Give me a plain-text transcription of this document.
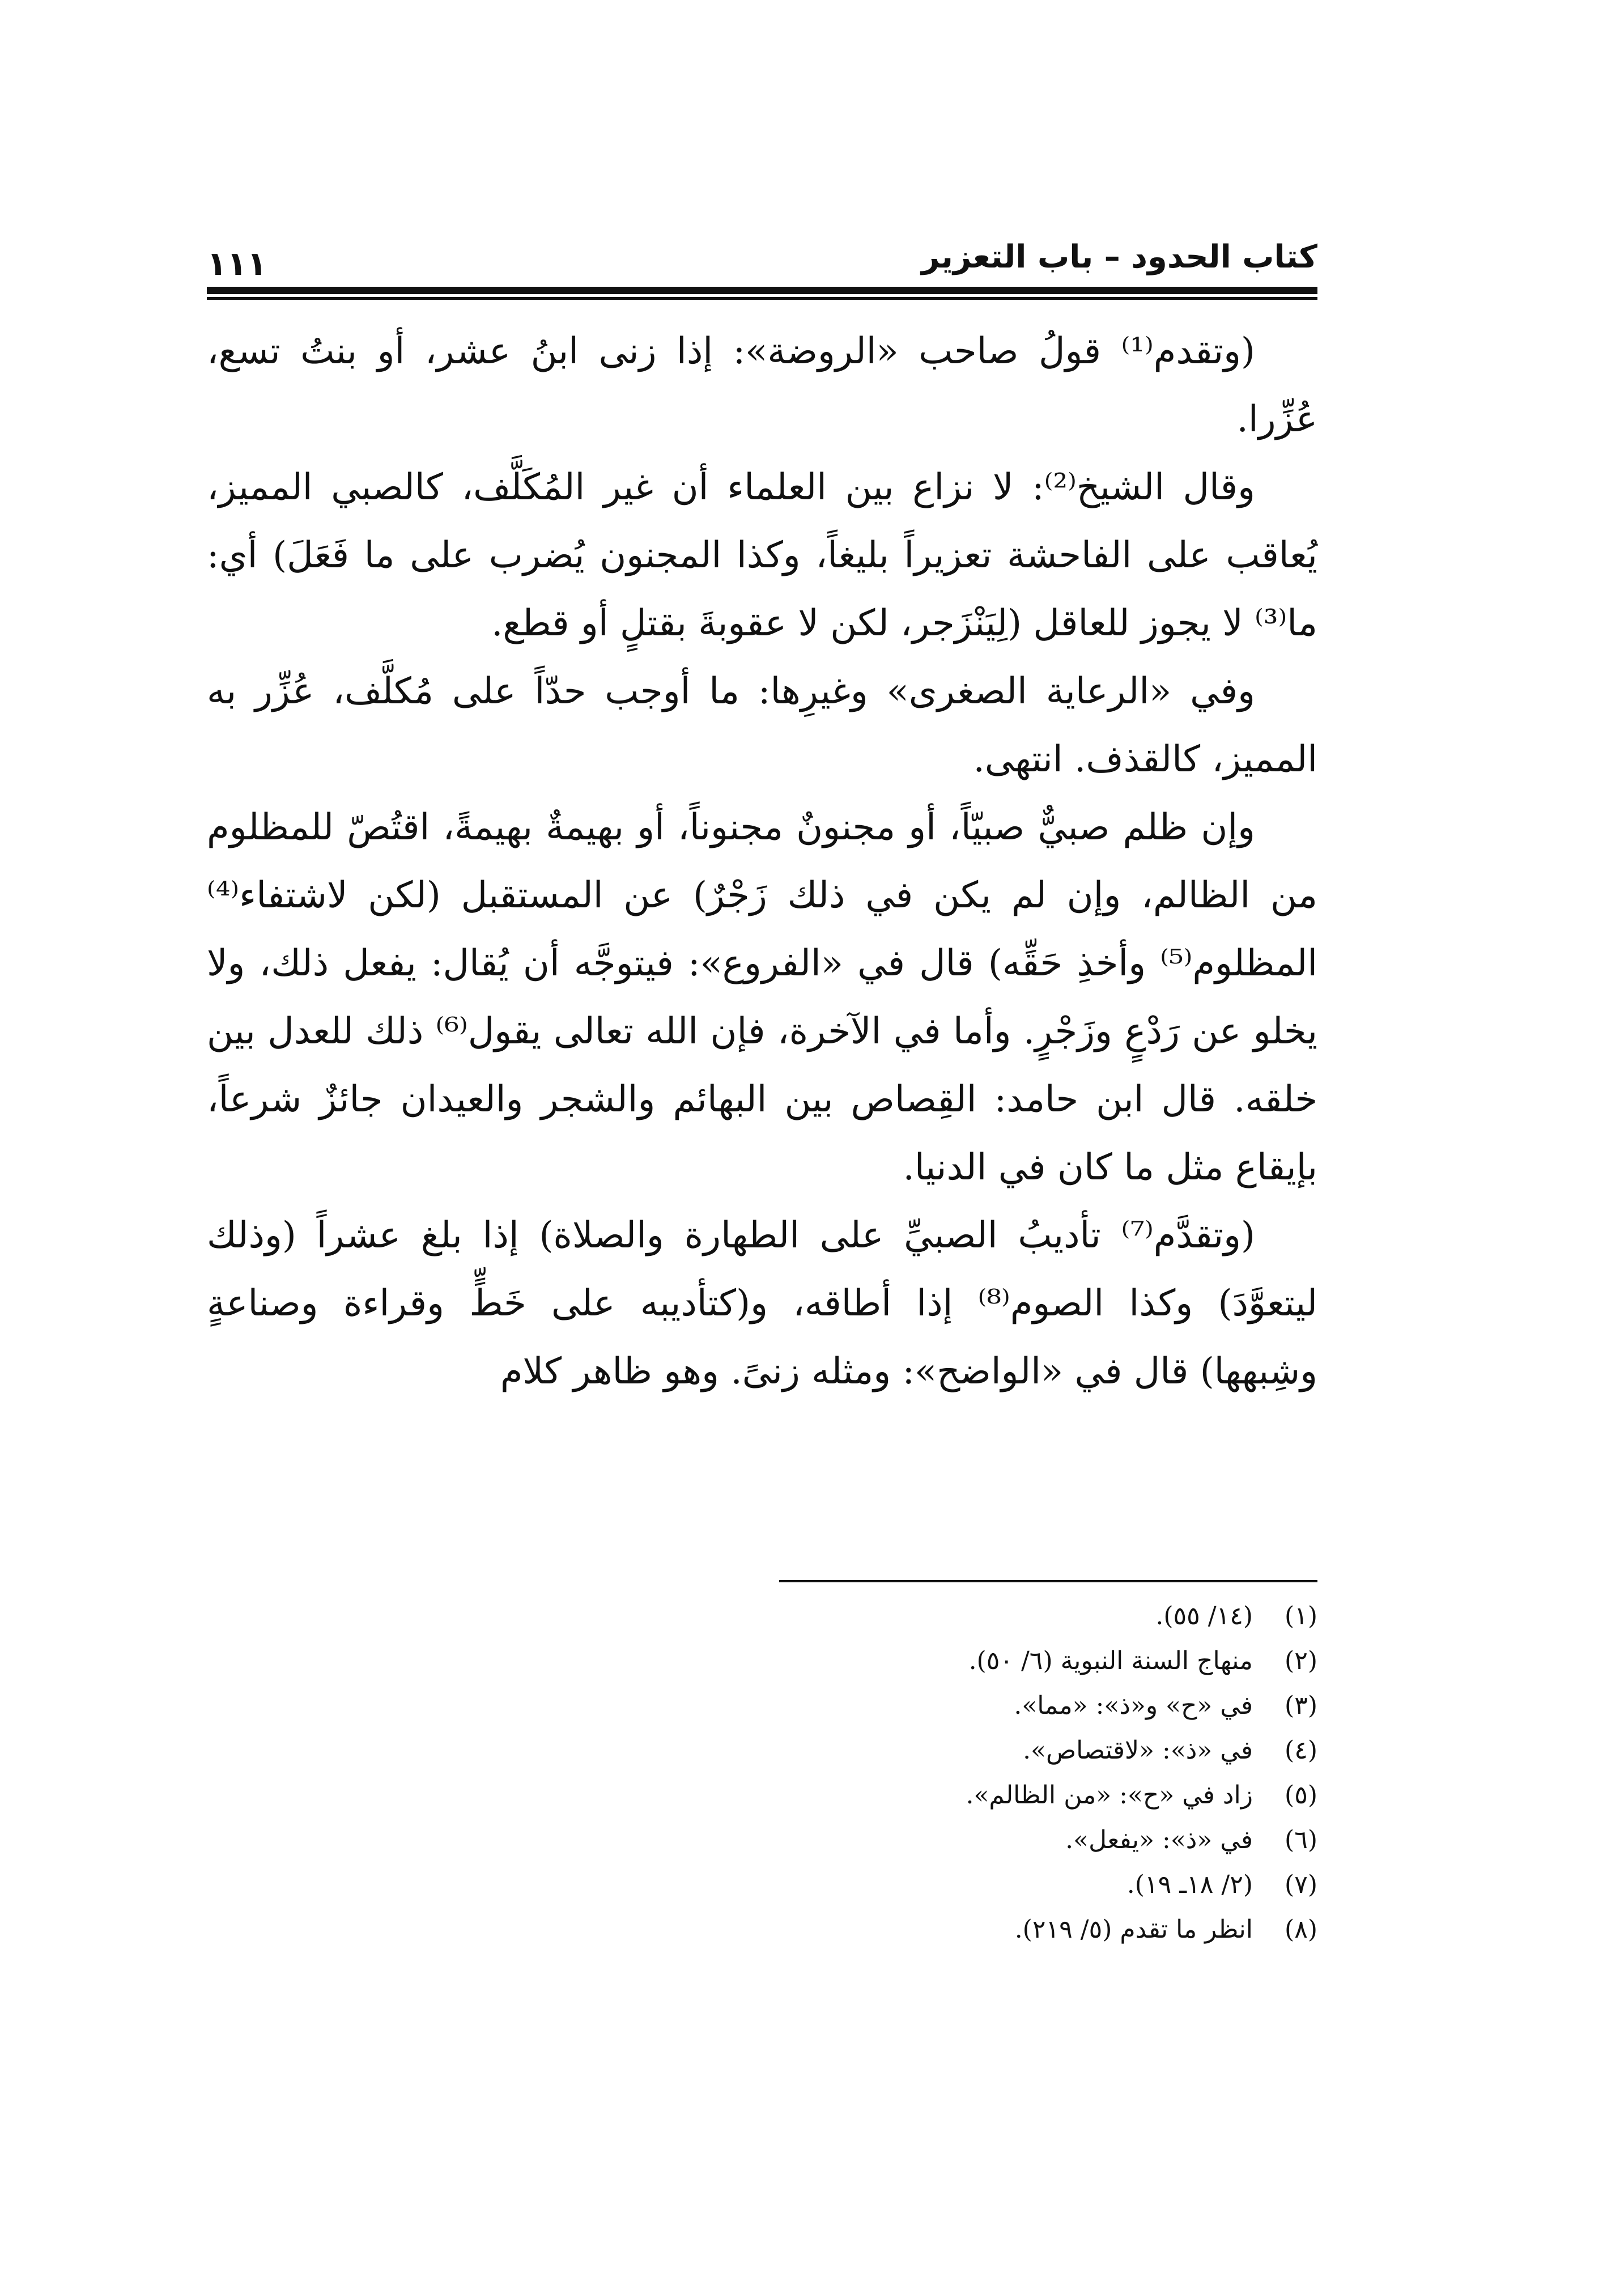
كتاب الحدود – باب التعزير
١١١

(وتقدم⁽¹⁾ قولُ صاحب «الروضة»: إذا زنى ابنُ عشر، أو بنتُ تسع، عُزِّرا.

وقال الشيخ⁽²⁾: لا نزاع بين العلماء أن غير المُكَلَّف، كالصبي المميز، يُعاقب على الفاحشة تعزيراً بليغاً، وكذا المجنون يُضرب على ما فَعَلَ) أي: ما⁽³⁾ لا يجوز للعاقل (لِيَنْزَجر، لكن لا عقوبةَ بقتلٍ أو قطع.

وفي «الرعاية الصغرى» وغيرِها: ما أوجب حدّاً على مُكلَّف، عُزِّر به المميز، كالقذف. انتهى.

وإن ظلم صبيٌّ صبيّاً، أو مجنونٌ مجنوناً، أو بهيمةٌ بهيمةً، اقتُصّ للمظلوم من الظالم، وإن لم يكن في ذلك زَجْرٌ) عن المستقبل (لكن لاشتفاء⁽⁴⁾ المظلوم⁽⁵⁾ وأخذِ حَقِّه) قال في «الفروع»: فيتوجَّه أن يُقال: يفعل ذلك، ولا يخلو عن رَدْعٍ وزَجْرٍ. وأما في الآخرة، فإن الله تعالى يقول⁽⁶⁾ ذلك للعدل بين خلقه. قال ابن حامد: القِصاص بين البهائم والشجر والعيدان جائزٌ شرعاً، بإيقاع مثل ما كان في الدنيا.

(وتقدَّم⁽⁷⁾ تأديبُ الصبيِّ على الطهارة والصلاة) إذا بلغ عشراً (وذلك ليتعوَّدَ) وكذا الصوم⁽⁸⁾ إذا أطاقه، و(كتأديبه على خَطٍّ وقراءة وصناعةٍ وشِبهها) قال في «الواضح»: ومثله زنىً. وهو ظاهر كلام

(١) (١٤/ ٥٥).
(٢) منهاج السنة النبوية (٦/ ٥٠).
(٣) في «ح» و«ذ»: «مما».
(٤) في «ذ»: «لاقتصاص».
(٥) زاد في «ح»: «من الظالم».
(٦) في «ذ»: «يفعل».
(٧) (٢/ ١٨ـ ١٩).
(٨) انظر ما تقدم (٥/ ٢١٩).
